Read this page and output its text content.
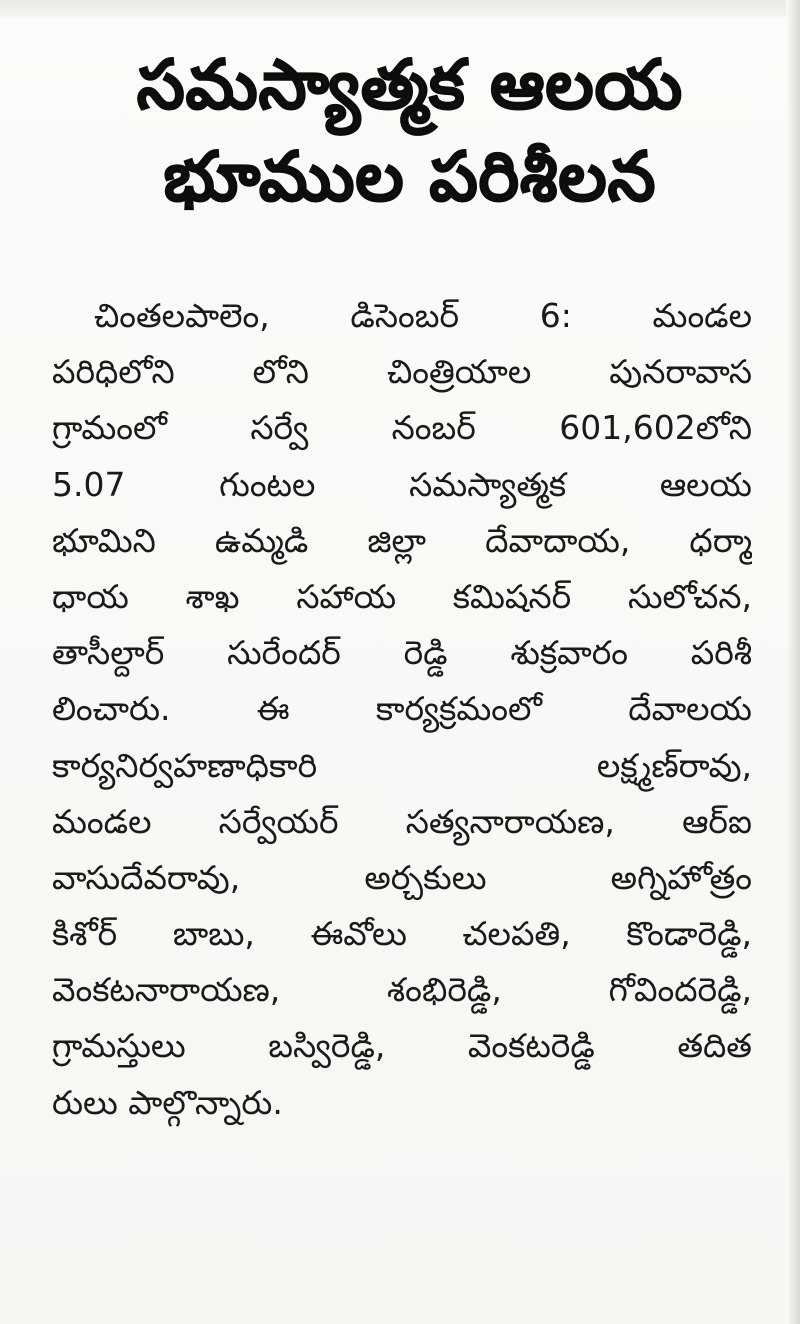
సమస్యాత్మక ఆలయ
భూముల పరిశీలన
చింతలపాలెం, డిసెంబర్ 6: మండల
పరిధిలోని లోని చింత్రియాల పునరావాస
గ్రామంలో సర్వే నంబర్ 601,602లోని
5.07 గుంటల సమస్యాత్మక ఆలయ
భూమిని ఉమ్మడి జిల్లా దేవాదాయ, ధర్మా
ధాయ శాఖ సహాయ కమిషనర్ సులోచన,
తాసీల్దార్ సురేందర్ రెడ్డి శుక్రవారం పరిశీ
లించారు. ఈ కార్యక్రమంలో దేవాలయ
కార్యనిర్వహణాధికారి లక్ష్మణ్‌రావు,
మండల సర్వేయర్ సత్యనారాయణ, ఆర్ఐ
వాసుదేవరావు, అర్చకులు అగ్నిహోత్రం
కిశోర్ బాబు, ఈవోలు చలపతి, కొండారెడ్డి,
వెంకటనారాయణ, శంభిరెడ్డి, గోవిందరెడ్డి,
గ్రామస్తులు బస్విరెడ్డి, వెంకటరెడ్డి తదిత
రులు పాల్గొన్నారు.
